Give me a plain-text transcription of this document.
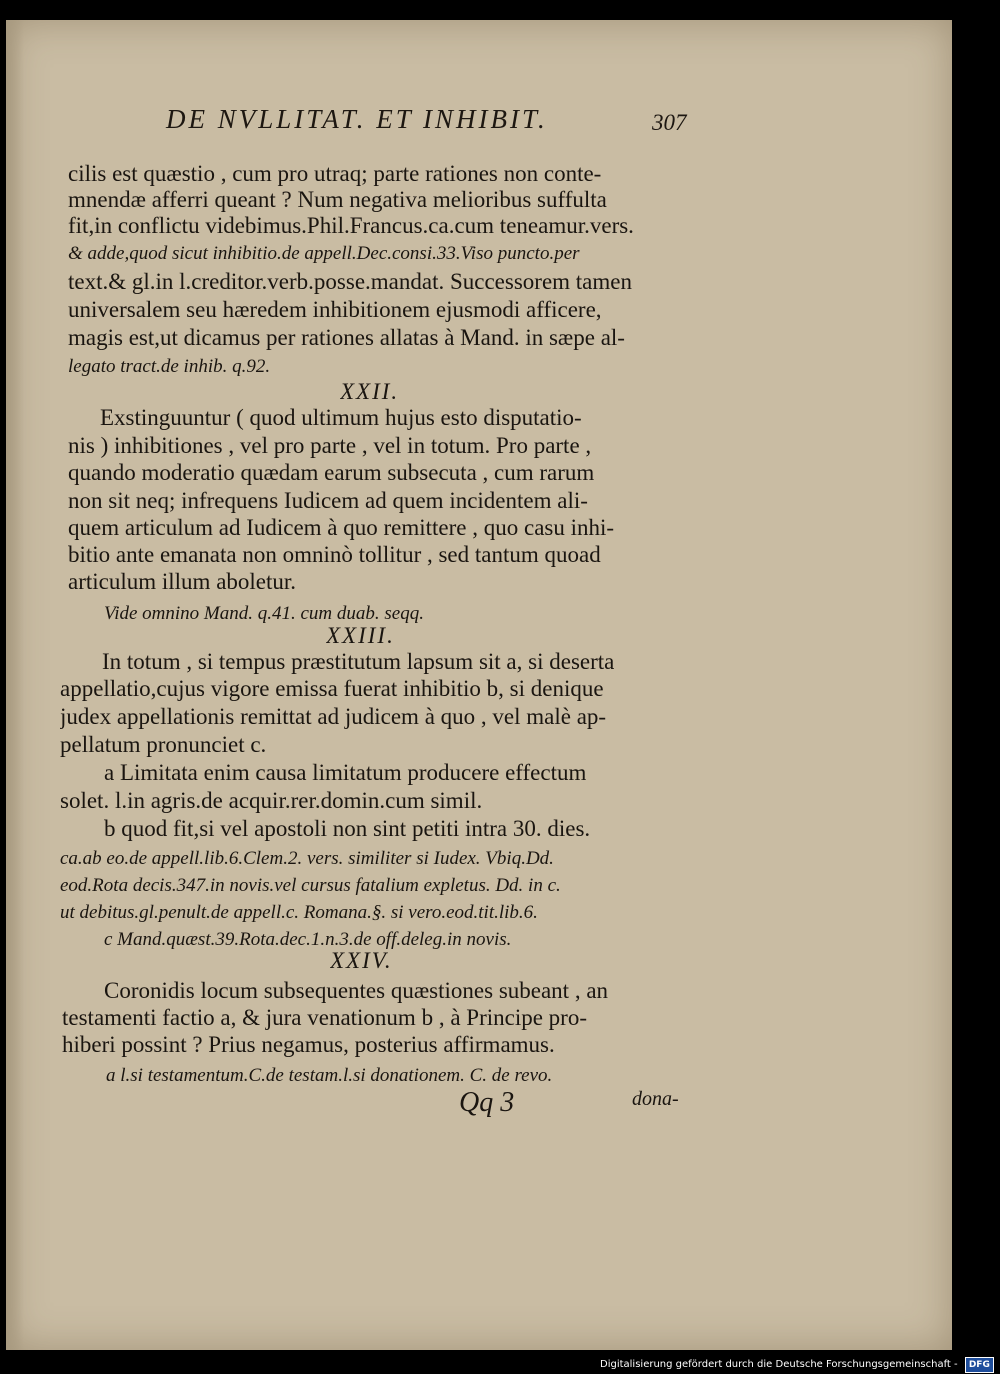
DE NVLLITAT. ET INHIBIT.	307
cilis est quæstio , cum pro utraq; parte rationes non conte-
mnendæ afferri queant ? Num negativa melioribus suffulta
fit,in conflictu videbimus.Phil.Francus.ca.cum teneamur.vers.
& adde,quod sicut inhibitio.de appell.Dec.consi.33.Viso puncto.per
text.& gl.in l.creditor.verb.posse.mandat. Successorem tamen
universalem seu hæredem inhibitionem ejusmodi afficere,
magis est,ut dicamus per rationes allatas à Mand. in sæpe al-
legato tract.de inhib. q.92.
XXII.
Exstinguuntur ( quod ultimum hujus esto disputatio-
nis ) inhibitiones , vel pro parte , vel in totum. Pro parte ,
quando moderatio quædam earum subsecuta , cum rarum
non sit neq; infrequens Iudicem ad quem incidentem ali-
quem articulum ad Iudicem à quo remittere , quo casu inhi-
bitio ante emanata non omninò tollitur , sed tantum quoad
articulum illum aboletur.
Vide omnino Mand. q.41. cum duab. seqq.
XXIII.
In totum , si tempus præstitutum lapsum sit a, si deserta
appellatio,cujus vigore emissa fuerat inhibitio b, si denique
judex appellationis remittat ad judicem à quo , vel malè ap-
pellatum pronunciet c.
a Limitata enim causa limitatum producere effectum
solet. l.in agris.de acquir.rer.domin.cum simil.
b quod fit,si vel apostoli non sint petiti intra 30. dies.
ca.ab eo.de appell.lib.6.Clem.2. vers. similiter si Iudex. Vbiq.Dd.
eod.Rota decis.347.in novis.vel cursus fatalium expletus. Dd. in c.
ut debitus.gl.penult.de appell.c. Romana.§. si vero.eod.tit.lib.6.
c Mand.quæst.39.Rota.dec.1.n.3.de off.deleg.in novis.
XXIV.
Coronidis locum subsequentes quæstiones subeant , an
testamenti factio a, & jura venationum b , à Principe pro-
hiberi possint ? Prius negamus, posterius affirmamus.
a l.si testamentum.C.de testam.l.si donationem. C. de revo.
Qq 3	dona-
Digitalisierung gefördert durch die Deutsche Forschungsgemeinschaft - DFG
